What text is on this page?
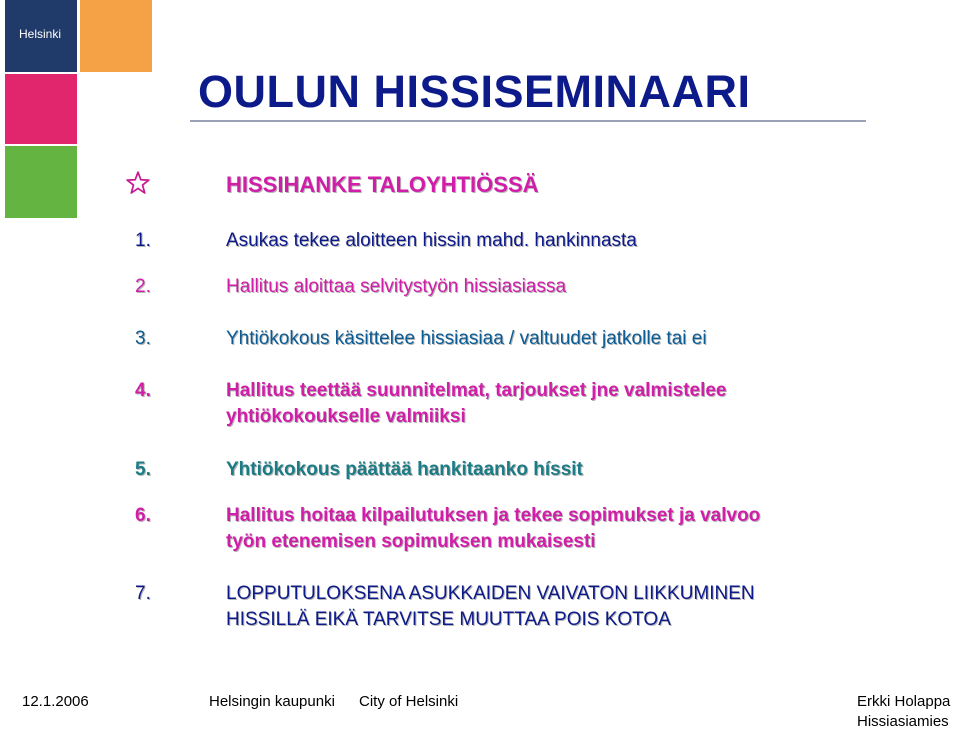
Helsinki
OULUN HISSISEMINAARI
HISSIHANKE TALOYHTIÖSSÄ
1.	Asukas tekee aloitteen hissin mahd. hankinnasta
2.	Hallitus aloittaa selvitystyön hissiasiassa
3.	Yhtiökokous käsittelee hissiasiaa / valtuudet jatkolle tai ei
4.	Hallitus teettää suunnitelmat, tarjoukset jne valmistelee
yhtiökokoukselle valmiiksi
5.	Yhtiökokous päättää hankitaanko híssit
6.	Hallitus hoitaa kilpailutuksen ja tekee sopimukset ja valvoo
työn etenemisen sopimuksen mukaisesti
7.	LOPPUTULOKSENA ASUKKAIDEN VAIVATON LIIKKUMINEN
HISSILLÄ EIKÄ TARVITSE MUUTTAA POIS KOTOA
12.1.2006	Helsingin kaupunki City of Helsinki	Erkki Holappa
Hissiasiamies
